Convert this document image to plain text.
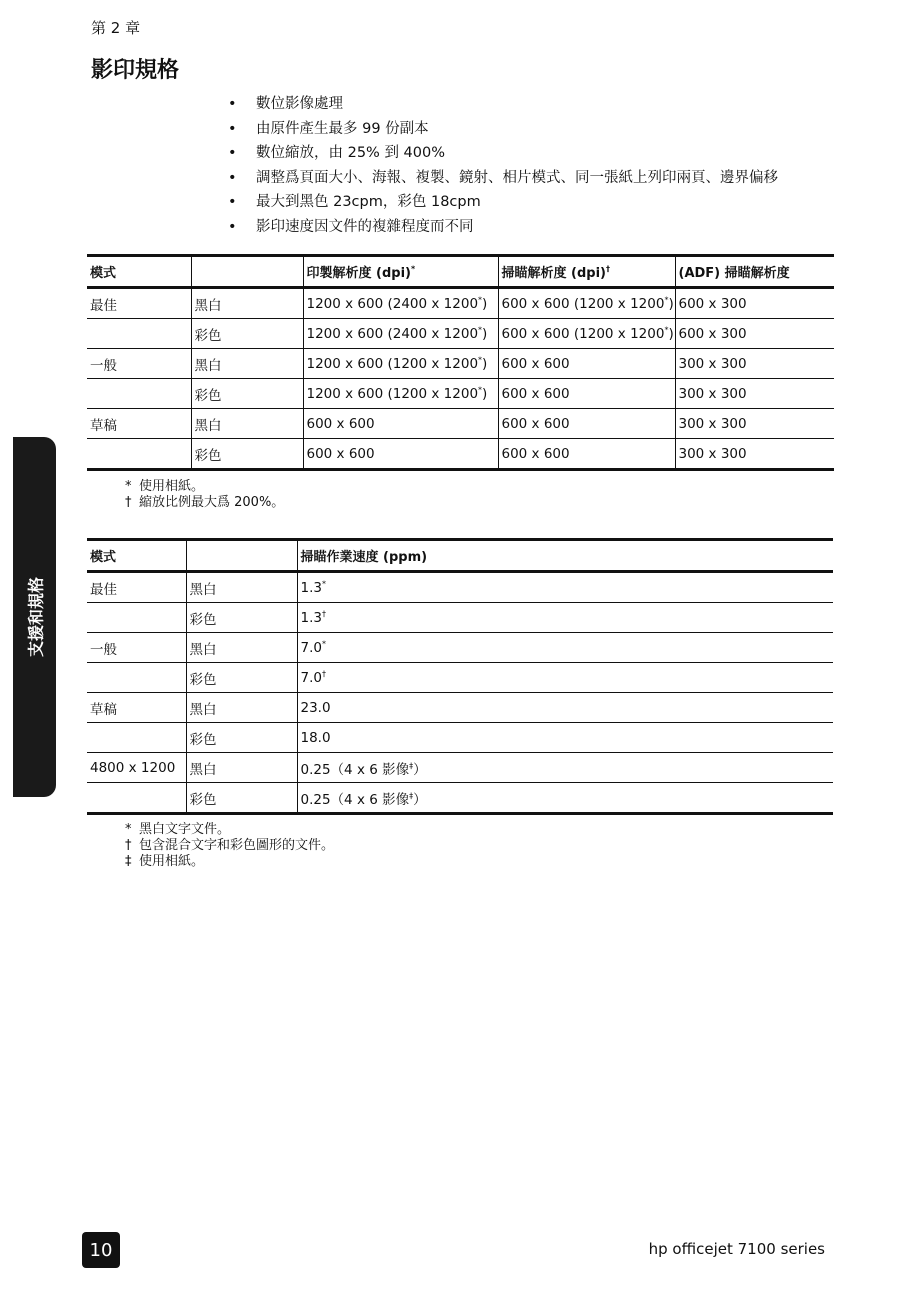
第 2 章
影印規格
• 數位影像處理
• 由原件產生最多 99 份副本
• 數位縮放，由 25% 到 400%
• 調整爲頁面大小、海報、複製、鏡射、相片模式、同一張紙上列印兩頁、邊界偏移
• 最大到黑色 23cpm，彩色 18cpm
• 影印速度因文件的複雜程度而不同
模式		印製解析度 (dpi)*	掃瞄解析度 (dpi)†	(ADF) 掃瞄解析度
最佳	黑白	1200 x 600 (2400 x 1200*)	600 x 600 (1200 x 1200*)	600 x 300
	彩色	1200 x 600 (2400 x 1200*)	600 x 600 (1200 x 1200*)	600 x 300
一般	黑白	1200 x 600 (1200 x 1200*)	600 x 600	300 x 300
	彩色	1200 x 600 (1200 x 1200*)	600 x 600	300 x 300
草稿	黑白	600 x 600	600 x 600	300 x 300
	彩色	600 x 600	600 x 600	300 x 300
* 使用相紙。
† 縮放比例最大爲 200%。
模式		掃瞄作業速度 (ppm)
最佳	黑白	1.3*
	彩色	1.3†
一般	黑白	7.0*
	彩色	7.0†
草稿	黑白	23.0
	彩色	18.0
4800 x 1200	黑白	0.25（4 x 6 影像‡）
	彩色	0.25（4 x 6 影像‡）
* 黑白文字文件。
† 包含混合文字和彩色圖形的文件。
‡ 使用相紙。
支援和規格
10	hp officejet 7100 series
